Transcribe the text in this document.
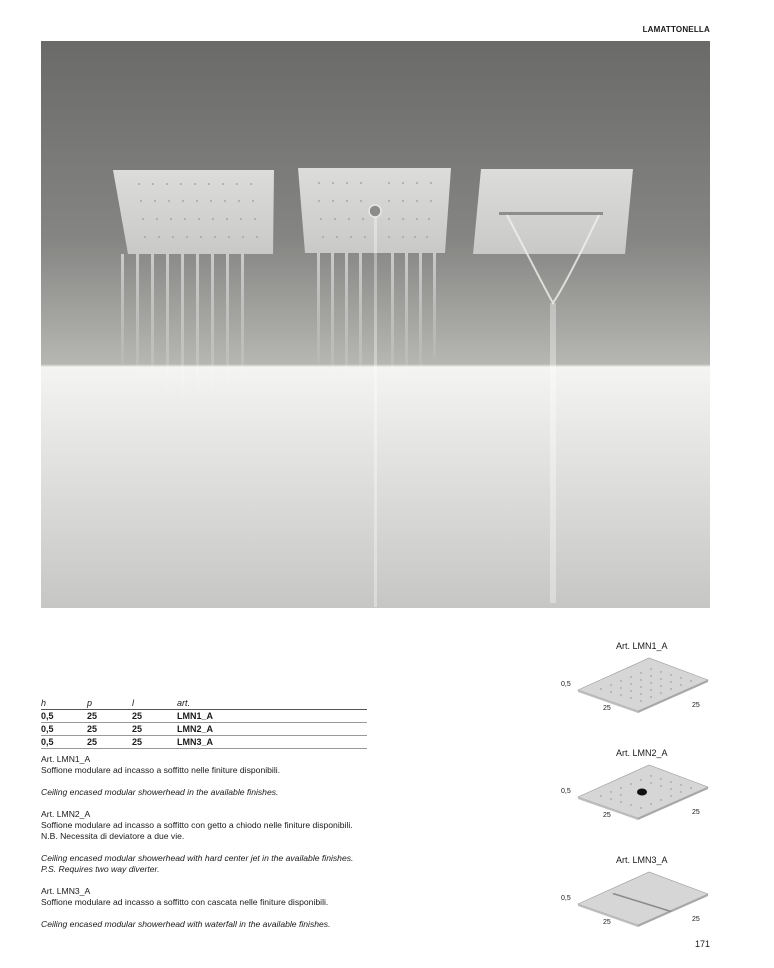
LAMATTONELLA
h	p	l	art.
0,5	25	25	LMN1_A
0,5	25	25	LMN2_A
0,5	25	25	LMN3_A

Art. LMN1_A

Soffione modulare ad incasso a soffitto nelle finiture disponibili.

Ceiling encased modular showerhead in the available finishes.

Art. LMN2_A

Soffione modulare ad incasso a soffitto con getto a chiodo nelle finiture disponibili.

N.B. Necessita di deviatore a due vie.

Ceiling encased modular showerhead with hard center jet in the available finishes.

P.S. Requires two way diverter.

Art. LMN3_A

Soffione modulare ad incasso a soffitto con cascata nelle finiture disponibili.

Ceiling encased modular showerhead with waterfall in the available finishes.

Art. LMN1_A
0,5
25	25
Art. LMN2_A
0,5
25	25
Art. LMN3_A
0,5
25	25
171
